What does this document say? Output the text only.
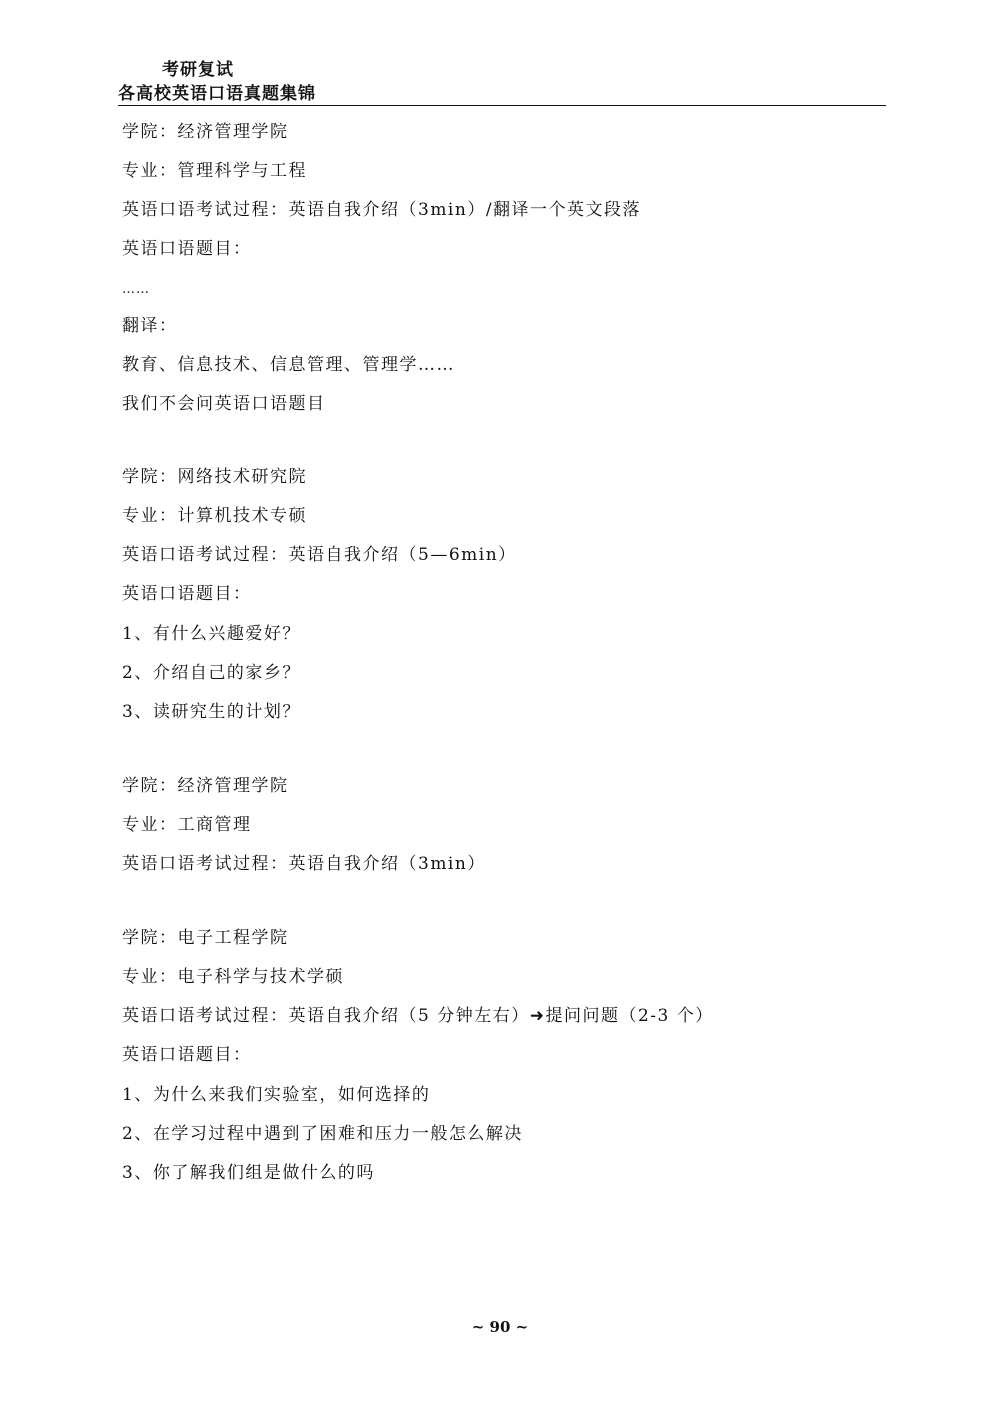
考研复试
各高校英语口语真题集锦
学院：经济管理学院
专业：管理科学与工程
英语口语考试过程：英语自我介绍（3min）/翻译一个英文段落
英语口语题目：
……
翻译：
教育、信息技术、信息管理、管理学……
我们不会问英语口语题目
学院：网络技术研究院
专业：计算机技术专硕
英语口语考试过程：英语自我介绍（5—6min）
英语口语题目：
1、有什么兴趣爱好？
2、介绍自己的家乡？
3、读研究生的计划？
学院：经济管理学院
专业：工商管理
英语口语考试过程：英语自我介绍（3min）
学院：电子工程学院
专业：电子科学与技术学硕
英语口语考试过程：英语自我介绍（5 分钟左右）➜提问问题（2-3 个）
英语口语题目：
1、为什么来我们实验室，如何选择的
2、在学习过程中遇到了困难和压力一般怎么解决
3、你了解我们组是做什么的吗
~ 90 ~
